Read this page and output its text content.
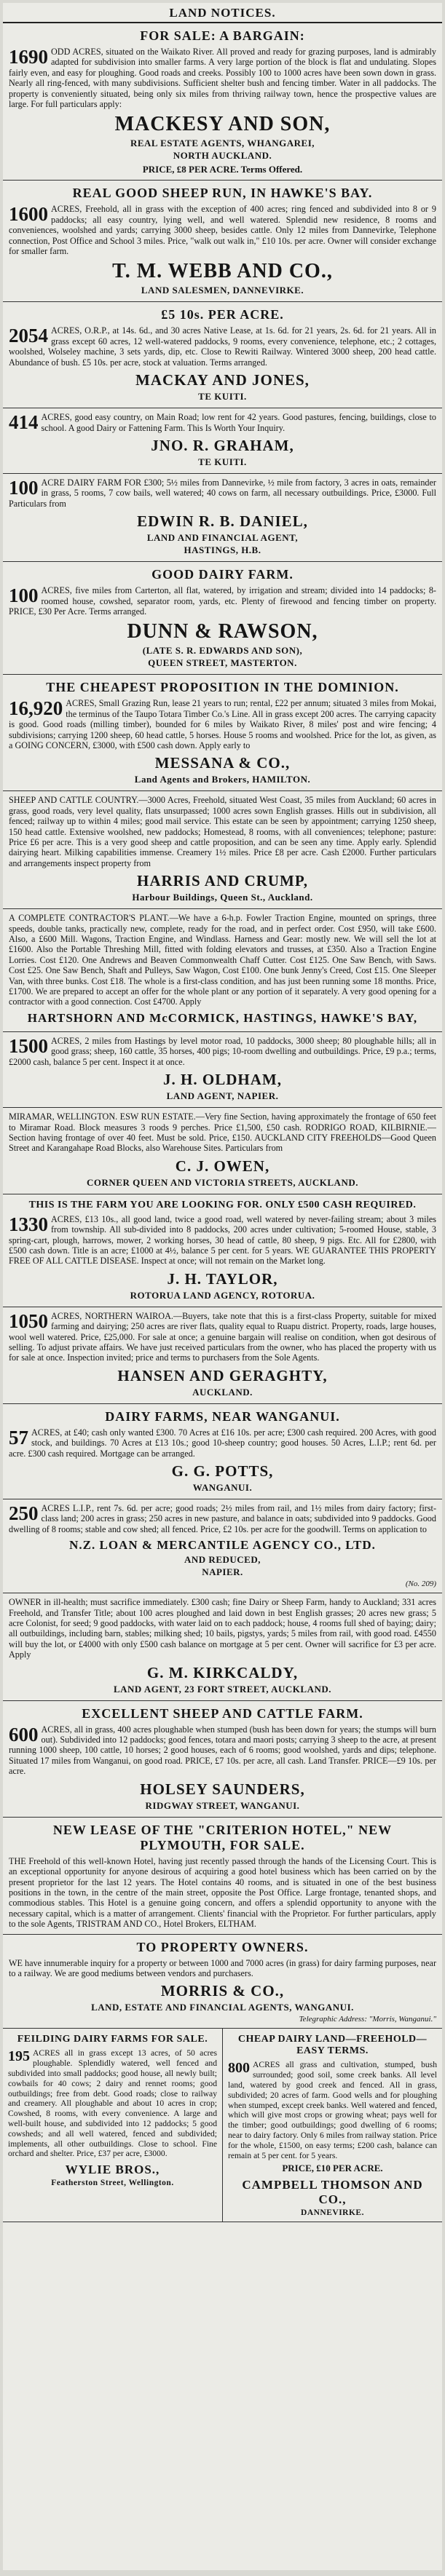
LAND NOTICES.
FOR SALE: A BARGAIN:

1690 ODD ACRES, situated on the Waikato River. All proved and ready for grazing purposes, land is admirably adapted for subdivision into smaller farms. A very large portion of the block is flat and undulating. Slopes fairly even, and easy for ploughing. Good roads and creeks. Possibly 100 to 1000 acres have been sown down in grass. Nearly all ring-fenced, with many subdivisions. Sufficient shelter bush and fencing timber. Water in all paddocks. The property is conveniently situated, being only six miles from thriving railway town, hence the prospective values are large. For full particulars apply:

MACKESY AND SON,
REAL ESTATE AGENTS, WHANGAREI,
NORTH AUCKLAND.
PRICE, £8 PER ACRE. Terms Offered.
REAL GOOD SHEEP RUN, IN HAWKE'S BAY.

1600 ACRES, Freehold, all in grass with the exception of 400 acres; ring fenced and subdivided into 8 or 9 paddocks; all easy country, lying well, and well watered. Splendid new residence, 8 rooms and conveniences, woolshed and yards; carrying 3000 sheep, besides cattle. Only 12 miles from Dannevirke, Telephone connection, Post Office and School 3 miles. Price, "walk out walk in," £10 10s. per acre. Owner will consider exchange for smaller farm.

T. M. WEBB AND CO.,
LAND SALESMEN, DANNEVIRKE.
£5 10s. PER ACRE.

2054 ACRES, O.R.P., at 14s. 6d., and 30 acres Native Lease, at 1s. 6d. for 21 years, 2s. 6d. for 21 years. All in grass except 60 acres, 12 well-watered paddocks, 9 rooms, every convenience, telephone, etc.; 2 cottages, woolshed, Wolseley machine, 3 sets yards, dip, etc. Close to Rewiti Railway. Wintered 3000 sheep, 200 head cattle. Abundance of bush. £5 10s. per acre, stock at valuation. Terms arranged.

MACKAY AND JONES,
TE KUITI.

414 ACRES, good easy country, on Main Road; low rent for 42 years. Good pastures, fencing, buildings, close to school. A good Dairy or Fattening Farm. This Is Worth Your Inquiry.

JNO. R. GRAHAM,
TE KUITI.

100 ACRE DAIRY FARM FOR £300; 5½ miles from Dannevirke, ½ mile from factory, 3 acres in oats, remainder in grass, 5 rooms, 7 cow bails, well watered; 40 cows on farm, all necessary outbuildings. Price, £3000. Full Particulars from

EDWIN R. B. DANIEL,
LAND AND FINANCIAL AGENT,
HASTINGS, H.B.
GOOD DAIRY FARM.

100 ACRES, five miles from Carterton, all flat, watered, by irrigation and stream; divided into 14 paddocks; 8-roomed house, cowshed, separator room, yards, etc. Plenty of firewood and fencing timber on property. PRICE, £30 Per Acre. Terms arranged.

DUNN & RAWSON,
(LATE S. R. EDWARDS AND SON),
QUEEN STREET, MASTERTON.
THE CHEAPEST PROPOSITION IN THE DOMINION.

16,920 ACRES, Small Grazing Run, lease 21 years to run; rental, £22 per annum; situated 3 miles from Mokai, the terminus of the Taupo Totara Timber Co.'s Line. All in grass except 200 acres. The carrying capacity is good. Good roads (milling timber), bounded for 6 miles by Waikato River, 8 miles' post and wire fencing; 4 subdivisions; carrying 1200 sheep, 60 head cattle, 5 horses. House 5 rooms and woolshed. Price for the lot, as given, as a GOING CONCERN, £3000, with £500 cash down. Apply early to

MESSANA & CO.,
Land Agents and Brokers, HAMILTON.

SHEEP AND CATTLE COUNTRY.—3000 Acres, Freehold, situated West Coast, 35 miles from Auckland; 60 acres in grass, good roads, very level quality, flats unsurpassed; 1000 acres sown English grasses. Hills out in subdivision, all fenced; railway up to within 4 miles; good mail service. This estate can be seen by appointment; carrying 1250 sheep, 150 head cattle. Extensive woolshed, new paddocks; Homestead, 8 rooms, with all conveniences; telephone; pasture: Price £6 per acre. This is a very good sheep and cattle proposition, and can be seen any time. Apply early. Splendid dairying heart. Milking capabilities immense. Creamery 1½ miles. Price £8 per acre. Cash £2000. Further particulars and arrangements inspect property from

HARRIS AND CRUMP,
Harbour Buildings, Queen St., Auckland.

A COMPLETE CONTRACTOR'S PLANT.—We have a 6-h.p. Fowler Traction Engine, mounted on springs, three speeds, double tanks, practically new, complete, ready for the road, and in perfect order. Cost £950, will take £600. Also, a £600 Mill. Wagons, Traction Engine, and Windlass. Harness and Gear: mostly new. We will sell the lot at £1600. Also the Portable Threshing Mill, fitted with folding elevators and trusses, at £350. Also a Traction Engine Lorries. Cost £120. One Andrews and Beaven Commonwealth Chaff Cutter. Cost £125. One Saw Bench, with Saws. Cost £25. One Saw Bench, Shaft and Pulleys, Saw Wagon, Cost £100. One bunk Jenny's Creed, Cost £15. One Sleeper Van, with three bunks. Cost £18. The whole is a first-class condition, and has just been running some 18 months. Price, £1700. We are prepared to accept an offer for the whole plant or any portion of it separately. A very good opening for a contractor with a good connection. Cost £4700. Apply

HARTSHORN AND McCORMICK, HASTINGS, HAWKE'S BAY,

1500 ACRES, 2 miles from Hastings by level motor road, 10 paddocks, 3000 sheep; 80 ploughable hills; all in good grass; sheep, 160 cattle, 35 horses, 400 pigs; 10-room dwelling and outbuildings. Price, £9 p.a.; terms, £2000 cash, balance 5 per cent. Inspect it at once.

J. H. OLDHAM,
LAND AGENT, NAPIER.

MIRAMAR, WELLINGTON. ESW RUN ESTATE.—Very fine Section, having approximately the frontage of 650 feet to Miramar Road. Block measures 3 roods 9 perches. Price £1,500, £50 cash. RODRIGO ROAD, KILBIRNIE.—Section having frontage of over 40 feet. Must be sold. Price, £150. AUCKLAND CITY FREEHOLDS—Good Queen Street and Karangahape Road Blocks, also Warehouse Sites. Particulars from

C. J. OWEN,
CORNER QUEEN AND VICTORIA STREETS, AUCKLAND.
THIS IS THE FARM YOU ARE LOOKING FOR. ONLY £500 CASH REQUIRED.

1330 ACRES, £13 10s., all good land, twice a good road, well watered by never-failing stream; about 3 miles from township. All sub-divided into 8 paddocks, 200 acres under cultivation; 5-roomed House, stable, 3 spring-cart, plough, harrows, mower, 2 working horses, 30 head of cattle, 80 sheep, 9 pigs. Etc. All for £2800, with £500 cash down. Title is an acre; £1000 at 4½, balance 5 per cent. for 5 years. WE GUARANTEE THIS PROPERTY FREE OF ALL CATTLE DISEASE. Inspect at once; will not remain on the Market long.

J. H. TAYLOR,
ROTORUA LAND AGENCY, ROTORUA.

1050 ACRES, NORTHERN WAIROA.—Buyers, take note that this is a first-class Property, suitable for mixed farming and dairying; 250 acres are river flats, quality equal to Ruapu district. Property, roads, large houses, wool well watered. Price, £25,000. For sale at once; a genuine bargain will realise on condition, when got desirous of selling. To adjust private affairs. We have just received particulars from the owner, who has placed the property with us for sale at once. Inspection invited; price and terms to purchasers from the Sole Agents.

HANSEN AND GERAGHTY,
AUCKLAND.
DAIRY FARMS, NEAR WANGANUI.

57 ACRES, at £40; cash only wanted £300. 70 Acres at £16 10s. per acre; £300 cash required. 200 Acres, with good stock, and buildings. 70 Acres at £13 10s.; good 10-sheep country; good houses. 50 Acres, L.I.P.; rent 6d. per acre. £300 cash required. Mortgage can be arranged.

G. G. POTTS,
WANGANUI.

250 ACRES L.I.P., rent 7s. 6d. per acre; good roads; 2½ miles from rail, and 1½ miles from dairy factory; first-class land; 200 acres in grass; 250 acres in new pasture, and balance in oats; subdivided into 9 paddocks. Good dwelling of 8 rooms; stable and cow shed; all fenced. Price, £2 10s. per acre for the goodwill. Terms on application to

N.Z. LOAN & MERCANTILE AGENCY CO., LTD.
AND REDUCED,
NAPIER.
(No. 209)

OWNER in ill-health; must sacrifice immediately. £300 cash; fine Dairy or Sheep Farm, handy to Auckland; 331 acres Freehold, and Transfer Title; about 100 acres ploughed and laid down in best English grasses; 20 acres new grass; 5 acre Colonist, for seed; 9 good paddocks, with water laid on to each paddock; house, 4 rooms full shed of baying; dairy; all outbuildings, including barn, stables; milking shed; 10 bails, pigstys, yards; 5 miles from rail, with good road. £4550 will buy the lot, or £4000 with only £500 cash balance on mortgage at 5 per cent. Owner will sacrifice for £3 per acre. Apply

G. M. KIRKCALDY,
LAND AGENT, 23 FORT STREET, AUCKLAND.
EXCELLENT SHEEP AND CATTLE FARM.

600 ACRES, all in grass, 400 acres ploughable when stumped (bush has been down for years; the stumps will burn out). Subdivided into 12 paddocks; good fences, totara and maori posts; carrying 3 sheep to the acre, at present running 1000 sheep, 100 cattle, 10 horses; 2 good houses, each of 6 rooms; good woolshed, yards and dips; telephone. Situated 17 miles from Wanganui, on good road. PRICE, £7 10s. per acre, all cash. Land Transfer. PRICE—£9 10s. per acre.

HOLSEY SAUNDERS,
RIDGWAY STREET, WANGANUI.
NEW LEASE OF THE "CRITERION HOTEL," NEW PLYMOUTH, FOR SALE.

THE Freehold of this well-known Hotel, having just recently passed through the hands of the Licensing Court. This is an exceptional opportunity for anyone desirous of acquiring a good hotel business which has been carried on by the present proprietor for the last 12 years. The Hotel contains 40 rooms, and is situated in one of the best business positions in the town, in the centre of the main street, opposite the Post Office. Large frontage, tenanted shops, and commodious stables. This Hotel is a genuine going concern, and offers a splendid opportunity to anyone with the necessary capital, which is a matter of arrangement. Clients' financial with the Proprietor. For further particulars, apply to the sole Agents, TRISTRAM AND CO., Hotel Brokers, ELTHAM.

TO PROPERTY OWNERS.

WE have innumerable inquiry for a property or between 1000 and 7000 acres (in grass) for dairy farming purposes, near to a railway. We are good mediums between vendors and purchasers.

MORRIS & CO.,
LAND, ESTATE AND FINANCIAL AGENTS, WANGANUI.
Telegraphic Address: "Morris, Wanganui."
FEILDING DAIRY FARMS FOR SALE.

195 ACRES all in grass except 13 acres, of 50 acres ploughable. Splendidly watered, well fenced and subdivided into small paddocks; good house, all newly built; cowbails for 40 cows; 2 dairy and rennet rooms; good outbuildings; free from debt. Good roads; close to railway and creamery. All ploughable and about 10 acres in crop; Cowshed, 8 rooms, with every convenience. A large and well-built house, and subdivided into 12 paddocks; 5 good cowsheds; and all well watered, fenced and subdivided; implements, all other outbuildings. Close to school. Fine orchard and shelter. Price, £37 per acre, £3000.

WYLIE BROS.,
Featherston Street, Wellington.
CHEAP DAIRY LAND—FREEHOLD—EASY TERMS.

800 ACRES all grass and cultivation, stumped, bush surrounded; good soil, some creek banks. All level land, watered by good creek and fenced. All in grass, subdivided; 20 acres of farm. Good wells and for ploughing when stumped, except creek banks. Well watered and fenced, which will give most crops or growing wheat; pays well for the timber; good outbuildings; good dwelling of 6 rooms; near to dairy factory. Only 6 miles from railway station. Price for the whole, £1500, on easy terms; £200 cash, balance can remain at 5 per cent. for 5 years.

PRICE, £10 PER ACRE.
CAMPBELL THOMSON AND CO.,
DANNEVIRKE.
